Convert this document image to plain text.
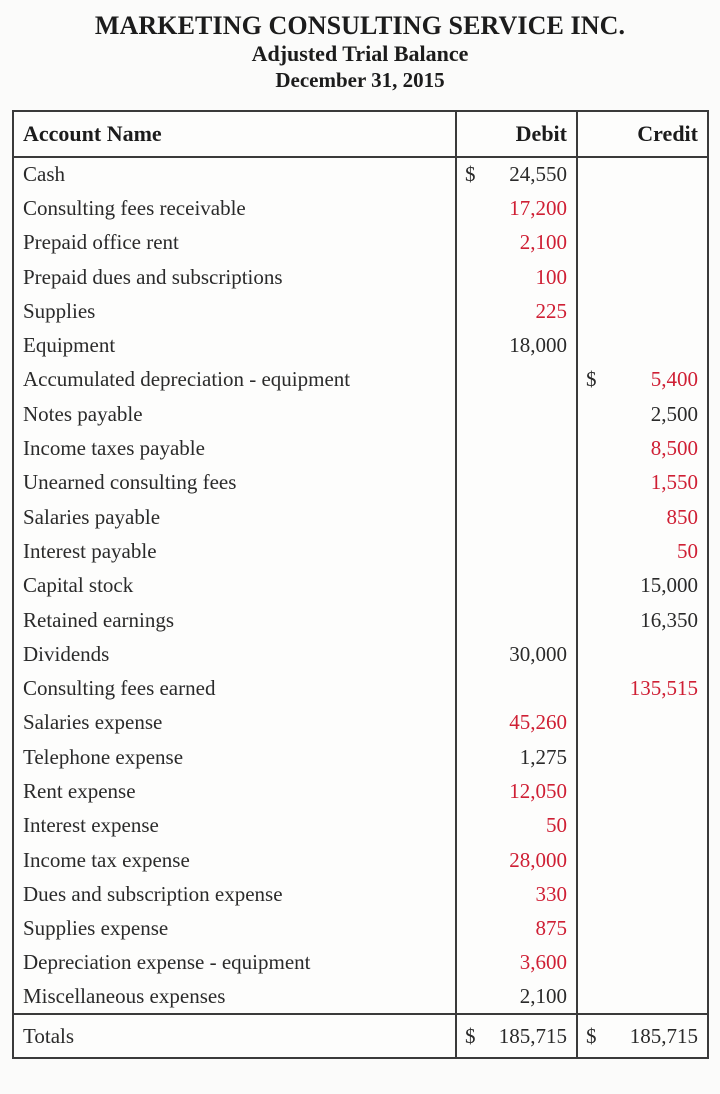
MARKETING CONSULTING SERVICE INC.
Adjusted Trial Balance
December 31, 2015
Account Name	Debit	Credit
Cash	$ 24,550	

Consulting fees receivable	17,200	

Prepaid office rent	2,100	

Prepaid dues and subscriptions	100	

Supplies	225	

Equipment	18,000	

Accumulated depreciation - equipment		$ 5,400

Notes payable		2,500

Income taxes payable		8,500

Unearned consulting fees		1,550

Salaries payable		850

Interest payable		50

Capital stock		15,000

Retained earnings		16,350

Dividends	30,000	

Consulting fees earned		135,515

Salaries expense	45,260	

Telephone expense	1,275	

Rent expense	12,050	

Interest expense	50	

Income tax expense	28,000	

Dues and subscription expense	330	

Supplies expense	875	

Depreciation expense - equipment	3,600	

Miscellaneous expenses	2,100	

Totals	$ 185,715	$ 185,715
